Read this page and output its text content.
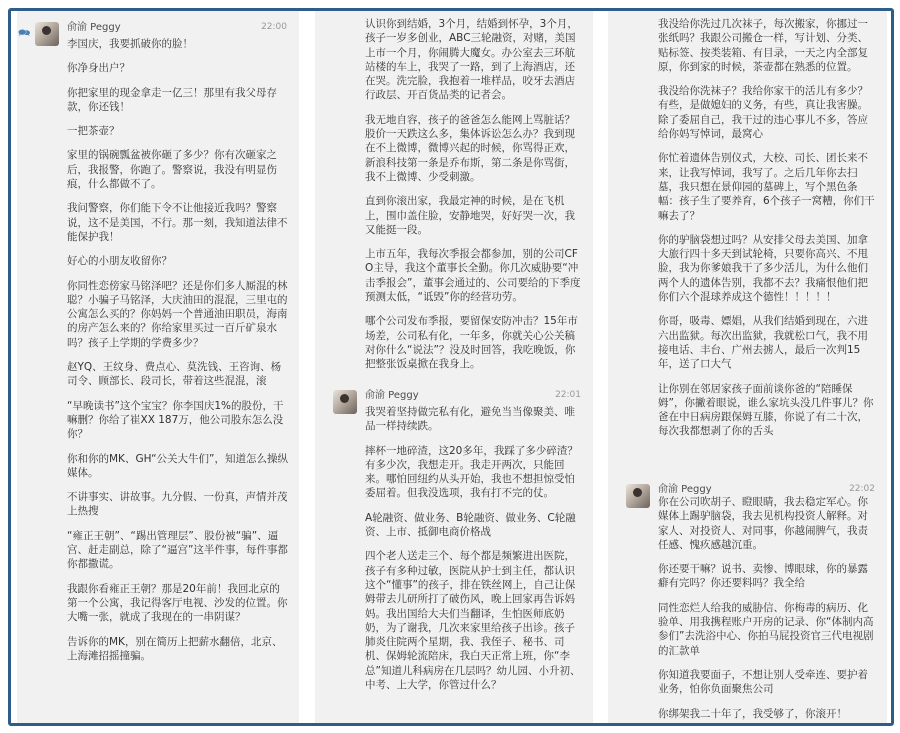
🗪
俞渝 Peggy	22:00

李国庆，我要抓破你的脸！

你净身出户？

你把家里的现金拿走一亿三！那里有我父母存款，你还钱！

一把茶壶？

家里的锅碗瓢盆被你砸了多少？你有次砸家之后，我报警，你跑了。警察说，我没有明显伤痕，什么都做不了。

我问警察，你们能下令不让他接近我吗？警察说，这不是美国，不行。那一刻，我知道法律不能保护我！

好心的小朋友收留你？

你同性恋傍家马铭泽吧？还是你们多人厮混的林聪？小骗子马铭泽，大庆油田的混混，三里屯的公寓怎么买的？你妈妈一个普通油田职员，海南的房产怎么来的？你给家里买过一百斤矿泉水吗？孩子上学期的学费多少？

赵YQ、王纹身、费点心、莫洗钱、王咨询、杨司令、顾部长、段司长，带着这些混混，滚

“早晚读书”这个宝宝？你李国庆1%的股份，干嘛删？你给了崔XX 187万，他公司股东怎么没你？

你和你的MK、GH“公关大牛们”，知道怎么操纵媒体。

不讲事实、讲故事。九分假、一份真，声情并茂上热搜

“雍正王朝”、“踢出管理层”、股份被“骗”、逼宫、赶走副总，除了“逼宫”这半件事，每件事都你都撒谎。

我跟你看雍正王朝？那是20年前！我回北京的第一个公寓，我记得客厅电视、沙发的位置。你大嘴一张，就成了我现在的一串阴谋？

告诉你的MK，别在简历上把薪水翻倍，北京、上海滩招摇撞骗。

认识你到结婚，3个月，结婚到怀孕，3个月，孩子一岁多创业，ABC三轮融资，对赌，美国上市一个月，你闹腾大魔女。办公室去三环航站楼的车上，我哭了一路，到了上海酒店，还在哭。洗完脸，我抱着一堆样品，咬牙去酒店行政层、开百货品类的记者会。

我无地自容，孩子的爸爸怎么能网上骂脏话？股价一天跌这么多，集体诉讼怎么办？我到现在不上微博，微博兴起的时候，你骂得正欢，新浪科技第一条是乔布斯，第二条是你骂街，我不上微博、少受刺激。

直到你滚出家，我最定神的时候，是在飞机上，围巾盖住脸，安静地哭，好好哭一次，我又能挺一段。

上市五年，我每次季报会都参加，别的公司CFO主导，我这个董事长全勤。你几次威胁要“冲击季报会”，董事会通过的、公司要给的下季度预测太低，“诋毁”你的经营功劳。

哪个公司发布季报，要留保安防冲击？15年市场差，公司私有化，一年多，你就关心公关稿对你什么“说法”？没及时回答，我吃晚饭，你把整张饭桌掀在我身上。

俞渝 Peggy	22:01

我哭着坚持做完私有化，避免当当像聚美、唯品一样持续跌。

摔杯一地碎渣，这20多年，我踩了多少碎渣？有多少次，我想走开。我走开两次，只能回来。哪怕回纽约从头开始，我也不想担惊受怕委屈着。但我没选项，我有打不完的仗。

A轮融资、做业务、B轮融资、做业务、C轮融资、上市、抵御电商价格战

四个老人送走三个、每个都是频繁进出医院，孩子有多种过敏，医院从护士到主任，都认识这个“懂事”的孩子，排在铁丝网上，自己让保姆带去儿研所打了破伤风，晚上回家再告诉妈妈。我出国给大夫们当翻译，生怕医师底奶奶，为了谢我，几次来家里给孩子出诊。孩子肺炎住院两个星期，我、我侄子、秘书、司机、保姆轮流陪床，我白天正常上班，你“李总”知道儿科病房在几层吗？幼儿园、小升初、中考、上大学，你管过什么？

我没给你洗过几次袜子，每次搬家，你挪过一张纸吗？我跟公司搬仓一样，写计划、分类、贴标签、按类装箱、有目录，一天之内全部复原，你到家的时候，茶壶都在熟悉的位置。

我没给你洗袜子？我给你家干的活儿有多少？有些，是做媳妇的义务，有些，真让我害臊。除了委屈自己，我干过的违心事儿不多，答应给你妈写悼词，最窝心

你忙着遗体告别仪式，大校、司长、团长来不来，让我写悼词，我写了。之后几年你去扫墓，我只想在景仰园的墓碑上，写个黑色条幅：孩子生了要养育，6个孩子一窝糟，你们干嘛去了？

你的驴脑袋想过吗？从安排父母去美国、加拿大旅行四十多天到试轮椅，只要你高兴、不甩脸，我为你爹娘我干了多少活儿，为什么他们两个人的遗体告别，我都不去？我痛恨他们把你们六个混球养成这个德性！！！！！

你哥，吸毒、嫖娼，从我们结婚到现在，六进六出监狱。每次出监狱，我就松口气，我不用接电话、丰台、广州去掳人，最后一次判15年，送了口大气

让你别在邻居家孩子面前谈你爸的“陪睡保姆”，你撇着眼说，谁么家坑头没几件事儿？你爸在中日病房跟保姆互膝，你说了有二十次，每次我都想剥了你的舌头

俞渝 Peggy	22:02

你在公司吹胡子、瞪眼睛，我去稳定军心。你媒体上踢驴脑袋，我去见机构投资人解释。对家人、对投资人、对同事，你越闹脾气，我责任感、愧疚感越沉重。

你还要干嘛？说书、卖惨、博眼球，你的暴露癖有完吗？你还要料吗？我全给

同性恋烂人给我的威胁信、你梅毒的病历、化验单、用我携程账户开房的记录、你“体制内高参们”去洗浴中心、你拍马屁投资官三代电视剧的汇款单

你知道我要面子，不想让别人受牵连、要护着业务，怕你负面聚焦公司

你绑架我二十年了，我受够了，你滚开！
